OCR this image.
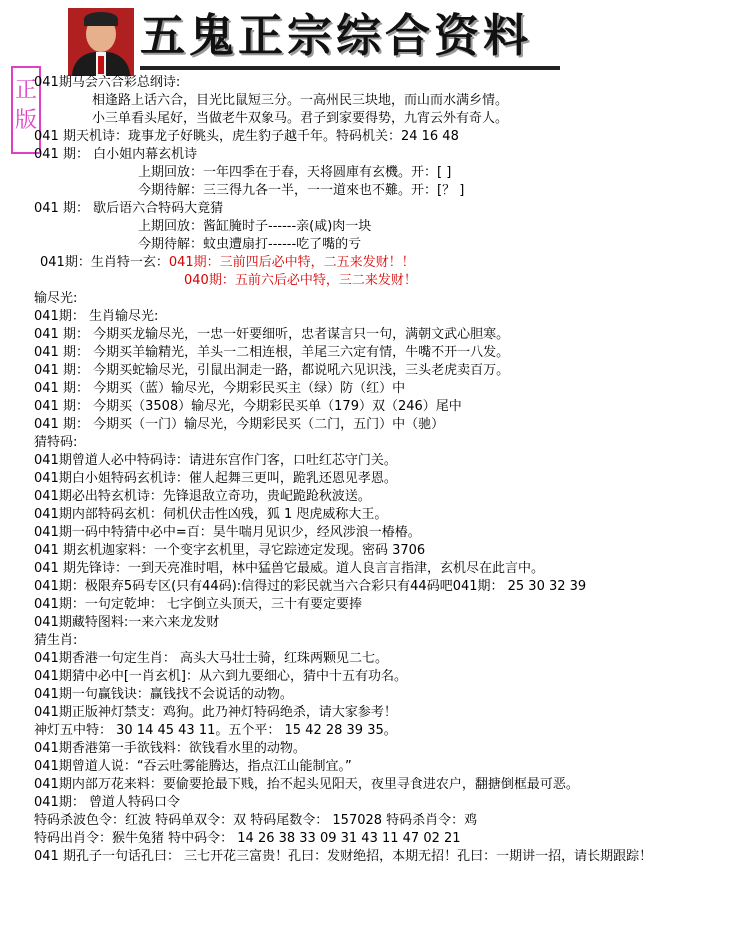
五鬼正宗综合资料
正版
041期马会六合彩总纲诗:
相逢路上话六合，目光比鼠短三分。一高州民三块地，而山而水满乡情。
小三单看头尾好，当做老牛双象马。君子到家要得势，九宵云外有奇人。
041 期天机诗：珑事龙子好眺头，虎生豹子越千年。特码机关：24 16 48
041 期： 白小姐内幕玄机诗
上期回放：一年四季在于春，天将圆庫有玄機。开：[ ]
今期待解：三三得九各一半，一一道來也不難。开：[？ ]
041 期： 歇后语六合特码大竟猜
上期回放：酱缸腌时子------亲(咸)肉一块
今期待解：蚊虫遭扇打------吃了嘴的亏
041期：生肖特一玄：041期：三前四后必中特，二五来发财！！
040期：五前六后必中特，三二来发财！
输尽光:
041期： 生肖输尽光:
041 期： 今期买龙输尽光，一忠一奸要细听，忠者谋言只一句，满朝文武心胆寒。
041 期： 今期买羊输精光，羊头一二相连根，羊尾三六定有情，牛嘴不开一八发。
041 期： 今期买蛇输尽光，引鼠出洞走一路，都说吼六见识浅，三头老虎卖百万。
041 期： 今期买（蓝）输尽光，今期彩民买主（绿）防（红）中
041 期： 今期买（3508）输尽光，今期彩民买单（179）双（246）尾中
041 期： 今期买（一门）输尽光，今期彩民买（二门，五门）中（驰）
猜特码:
041期曾道人必中特码诗：请进东宫作门客，口吐红芯守门关。
041期白小姐特码玄机诗：催人起舞三更叫，跪乳还恩见孝恩。
041期必出特玄机诗：先锋退敌立奇功，贵屺跪跄秋波送。
041期内部特码玄机：伺机伏击性凶残，狐 1 咫虎威称大王。
041期一码中特猜中必中=百：昊牛喘月见识少，经风涉浪一椿椿。
041 期玄机迦家料：一个变字玄机里，寻它踪迹定发现。密码 3706
041 期先锋诗：一到天亮准时唱，林中猛兽它最威。道人良言言指津，玄机尽在此言中。
041期：极限弃5码专区(只有44码):信得过的彩民就当六合彩只有44码吧041期： 25 30 32 39
041期：一句定乾坤： 七字倒立头顶天，三十有要定要捧
041期藏特图料:一来六来龙发财
猜生肖:
041期香港一句定生肖： 高头大马壮士骑，红珠两颗见二七。
041期猜中必中[一肖玄机]：从六到九要细心，猜中十五有功名。
041期一句赢钱诀：赢钱找不会说话的动物。
041期正版神灯禁支：鸡狗。此乃神灯特码绝杀，请大家参考！
神灯五中特： 30 14 45 43 11。五个平： 15 42 28 39 35。
041期香港第一手欲钱料：欲钱看水里的动物。
041期曾道人说：“吞云吐雾能腾达，指点江山能制宜。”
041期内部万花来料：要偷要抢最下贱，抬不起头见阳天，夜里寻食进农户，翻搪倒框最可恶。
041期： 曾道人特码口令
特码杀波色令：红波 特码单双令：双 特码尾数令： 157028 特码杀肖令：鸡
特码出肖令：猴牛兔猪 特中码令： 14 26 38 33 09 31 43 11 47 02 21
041 期孔子一句话孔曰： 三七开花三富贵！孔曰：发财绝招，本期无招！孔曰：一期讲一招，请长期跟踪！
